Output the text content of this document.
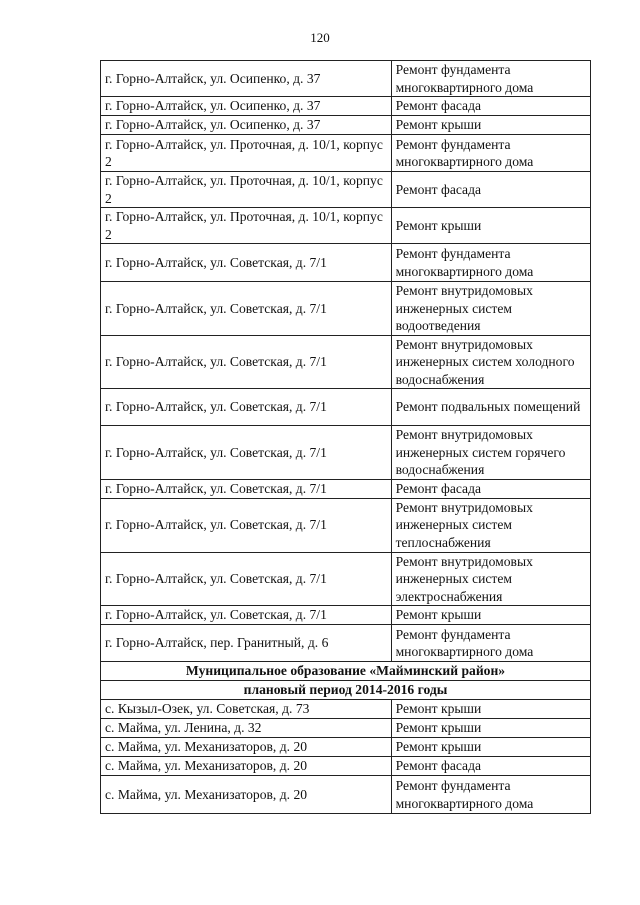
120
г. Горно-Алтайск, ул. Осипенко, д. 37	Ремонт фундамента многоквартирного дома
г. Горно-Алтайск, ул. Осипенко, д. 37	Ремонт фасада
г. Горно-Алтайск, ул. Осипенко, д. 37	Ремонт крыши
г. Горно-Алтайск, ул. Проточная, д. 10/1, корпус 2	Ремонт фундамента многоквартирного дома
г. Горно-Алтайск, ул. Проточная, д. 10/1, корпус 2	Ремонт фасада
г. Горно-Алтайск, ул. Проточная, д. 10/1, корпус 2	Ремонт крыши
г. Горно-Алтайск, ул. Советская, д. 7/1	Ремонт фундамента многоквартирного дома
г. Горно-Алтайск, ул. Советская, д. 7/1	Ремонт внутридомовых инженерных систем водоотведения
г. Горно-Алтайск, ул. Советская, д. 7/1	Ремонт внутридомовых инженерных систем холодного водоснабжения
г. Горно-Алтайск, ул. Советская, д. 7/1	Ремонт подвальных помещений
г. Горно-Алтайск, ул. Советская, д. 7/1	Ремонт внутридомовых инженерных систем горячего водоснабжения
г. Горно-Алтайск, ул. Советская, д. 7/1	Ремонт фасада
г. Горно-Алтайск, ул. Советская, д. 7/1	Ремонт внутридомовых инженерных систем теплоснабжения
г. Горно-Алтайск, ул. Советская, д. 7/1	Ремонт внутридомовых инженерных систем электроснабжения
г. Горно-Алтайск, ул. Советская, д. 7/1	Ремонт крыши
г. Горно-Алтайск, пер. Гранитный, д. 6	Ремонт фундамента многоквартирного дома
Муниципальное образование «Майминский район»	
плановый период 2014-2016 годы	
с. Кызыл-Озек, ул. Советская, д. 73	Ремонт крыши
с. Майма, ул. Ленина, д. 32	Ремонт крыши
с. Майма, ул. Механизаторов, д. 20	Ремонт крыши
с. Майма, ул. Механизаторов, д. 20	Ремонт фасада
с. Майма, ул. Механизаторов, д. 20	Ремонт фундамента многоквартирного дома
